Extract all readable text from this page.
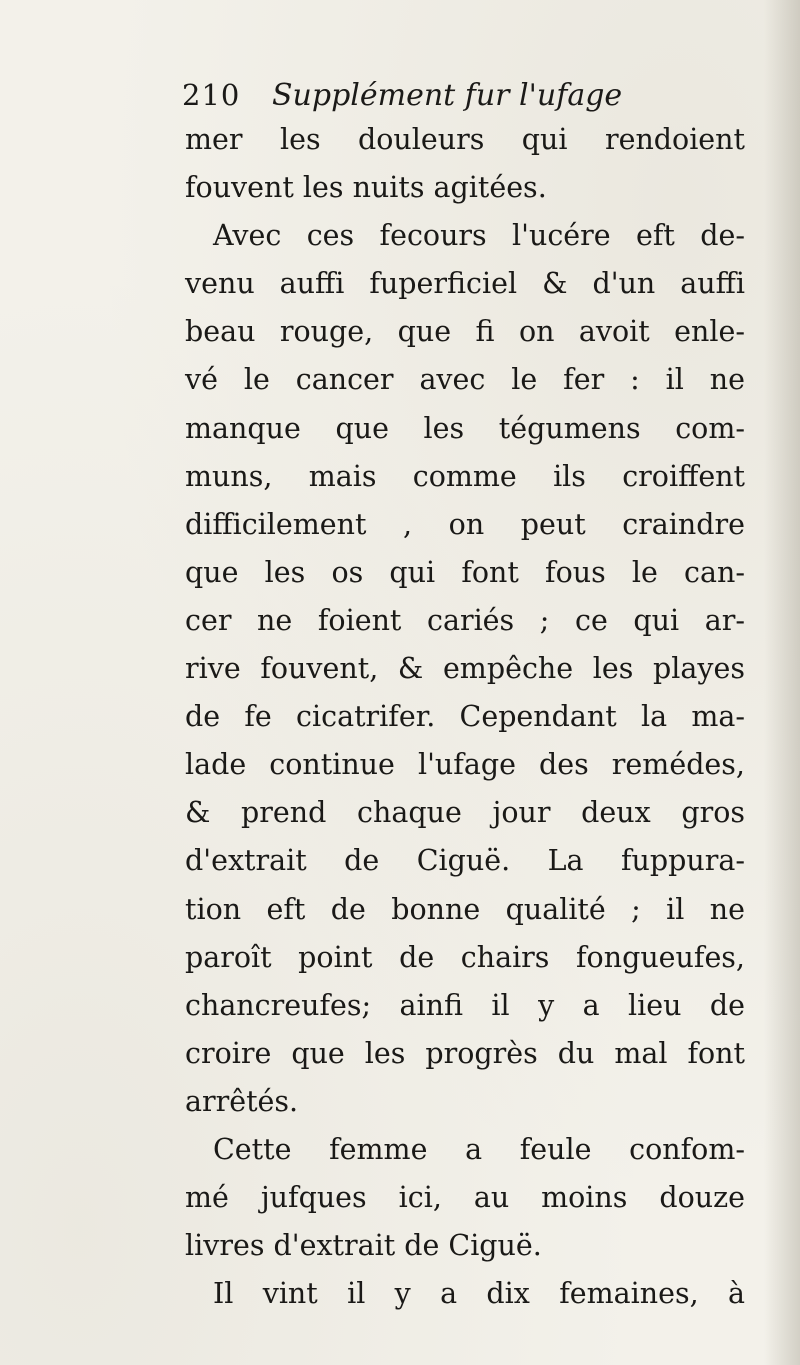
210 Supplément fur l'ufage
mer les douleurs qui rendoient
fouvent les nuits agitées.
Avec ces fecours l'ucére eft de-
venu auffi fuperficiel & d'un auffi
beau rouge, que fi on avoit enle-
vé le cancer avec le fer : il ne
manque que les tégumens com-
muns, mais comme ils croiffent
difficilement , on peut craindre
que les os qui font fous le can-
cer ne foient cariés ; ce qui ar-
rive fouvent, & empêche les playes
de fe cicatrifer. Cependant la ma-
lade continue l'ufage des remédes,
& prend chaque jour deux gros
d'extrait de Ciguë. La fuppura-
tion eft de bonne qualité ; il ne
paroît point de chairs fongueufes,
chancreufes; ainfi il y a lieu de
croire que les progrès du mal font
arrêtés.
Cette femme a feule confom-
mé jufques ici, au moins douze
livres d'extrait de Ciguë.
Il vint il y a dix femaines, à
